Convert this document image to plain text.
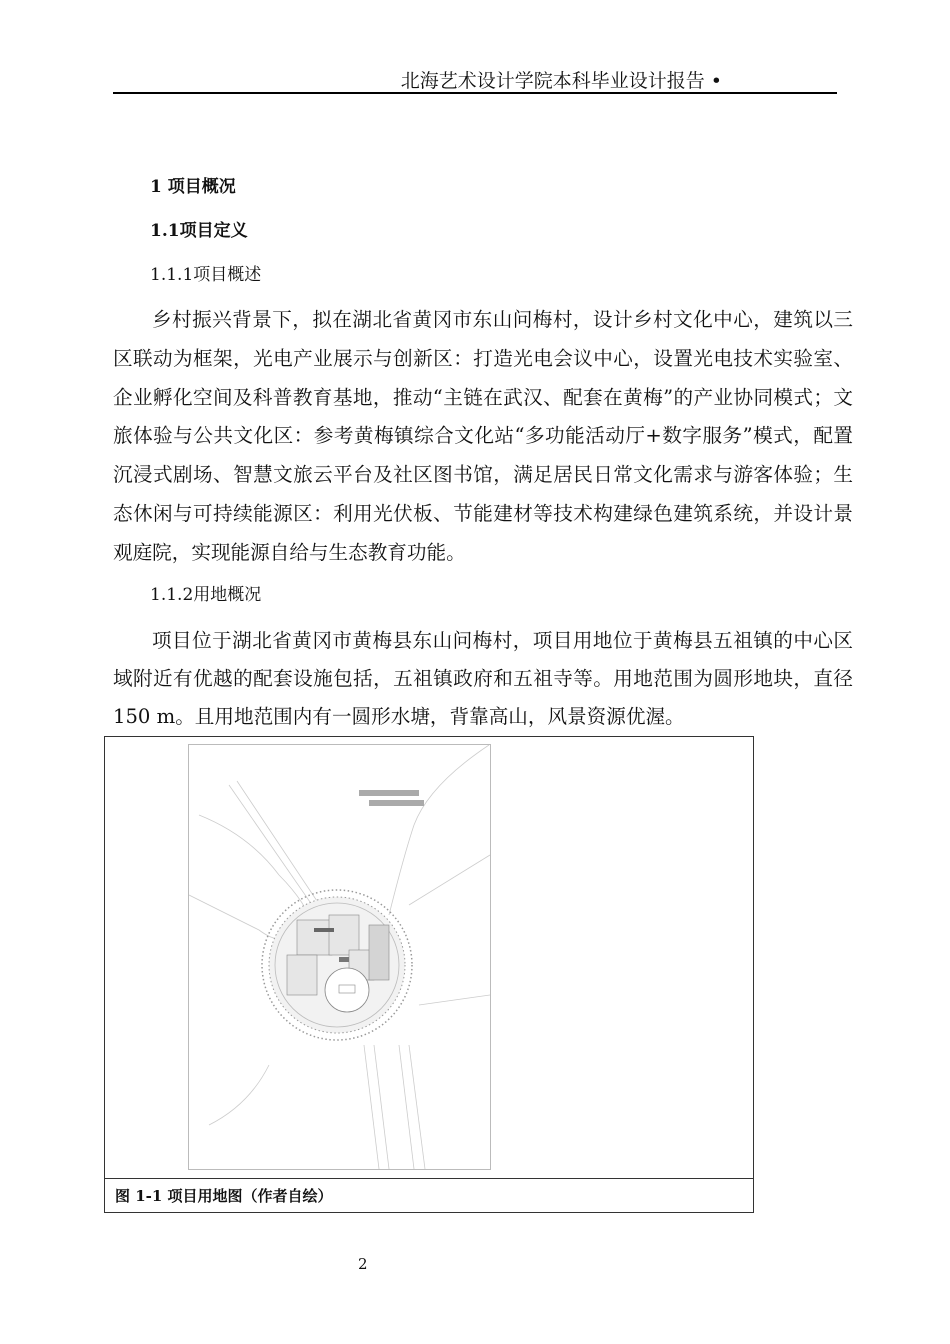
北海艺术设计学院本科毕业设计报告 •
1 项目概况
1.1项目定义
1.1.1项目概述

乡村振兴背景下，拟在湖北省黄冈市东山问梅村，设计乡村文化中心，建筑以三区联动为框架，光电产业展示与创新区：打造光电会议中心，设置光电技术实验室、企业孵化空间及科普教育基地，推动“主链在武汉、配套在黄梅”的产业协同模式；文旅体验与公共文化区：参考黄梅镇综合文化站“多功能活动厅+数字服务”模式，配置沉浸式剧场、智慧文旅云平台及社区图书馆，满足居民日常文化需求与游客体验；生态休闲与可持续能源区：利用光伏板、节能建材等技术构建绿色建筑系统，并设计景观庭院，实现能源自给与生态教育功能。

1.1.2用地概况

项目位于湖北省黄冈市黄梅县东山问梅村，项目用地位于黄梅县五祖镇的中心区域附近有优越的配套设施包括，五祖镇政府和五祖寺等。用地范围为圆形地块，直径150 m。且用地范围内有一圆形水塘，背靠高山，风景资源优渥。

图 1-1 项目用地图（作者自绘）
2
